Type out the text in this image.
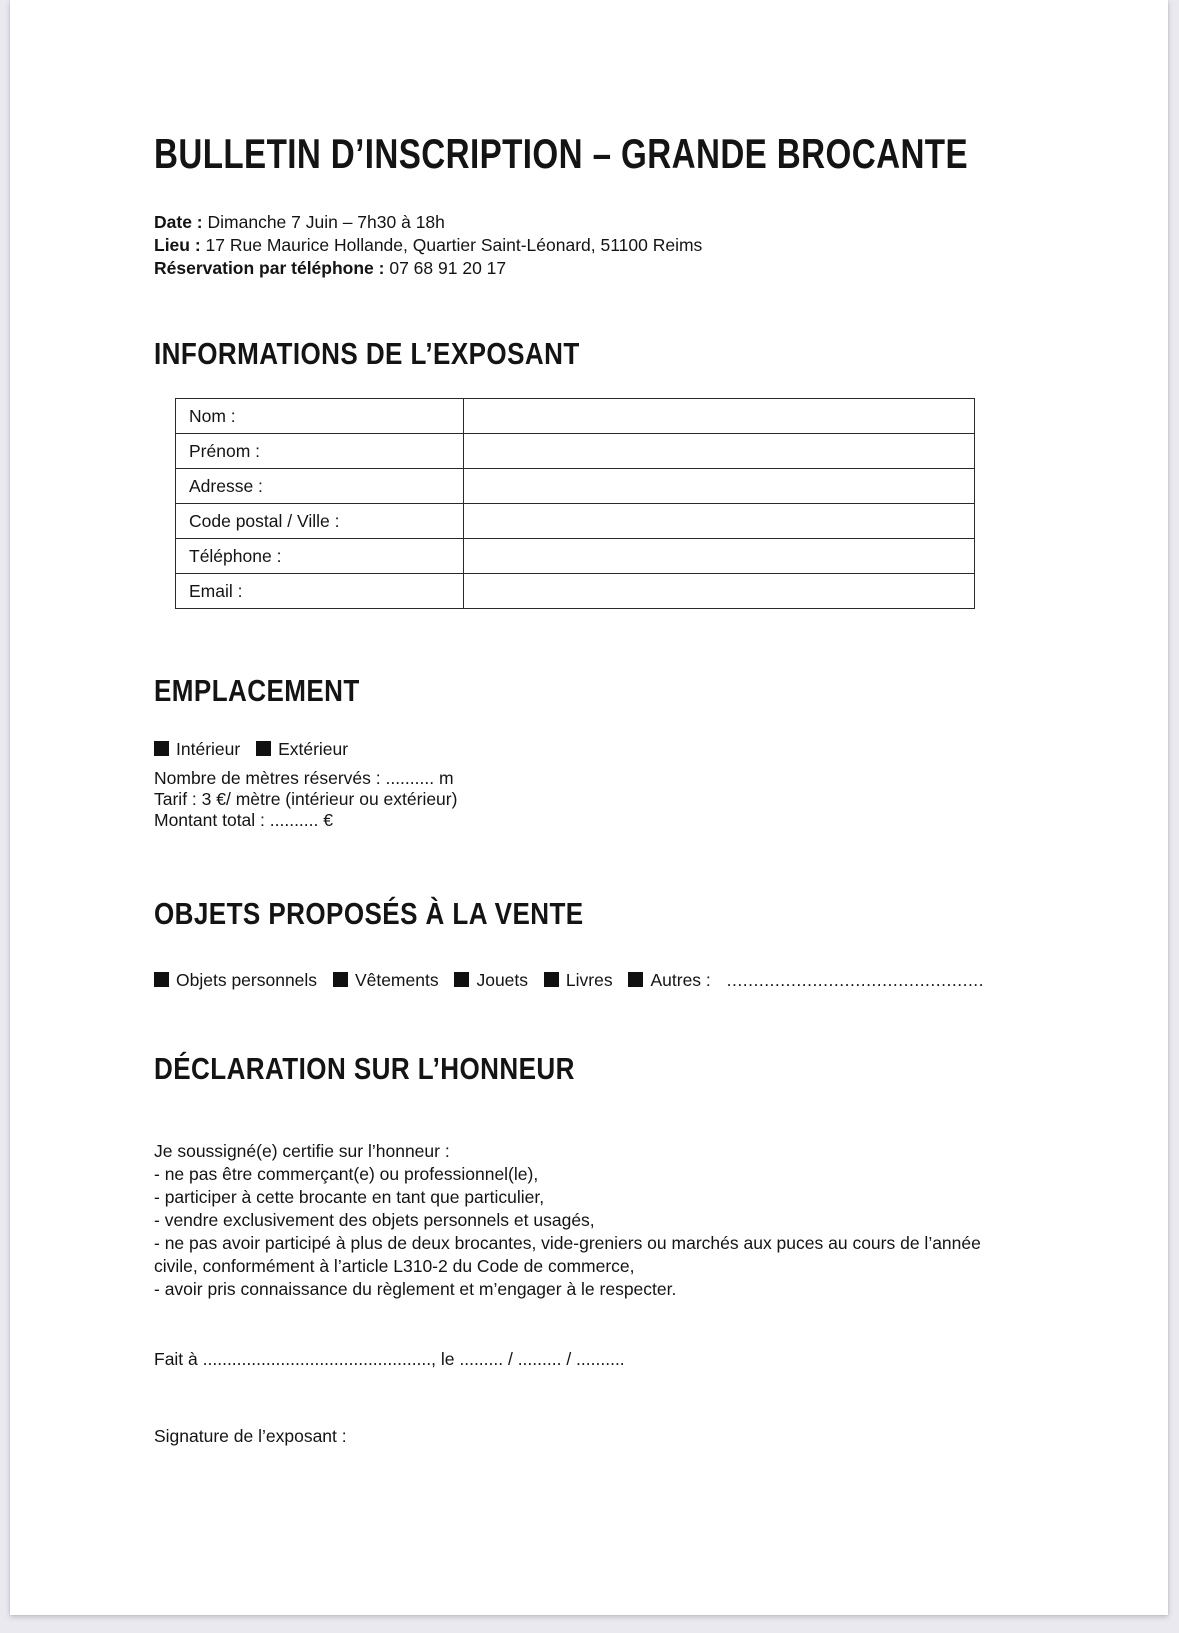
BULLETIN D’INSCRIPTION – GRANDE BROCANTE
Date : Dimanche 7 Juin – 7h30 à 18h
Lieu : 17 Rue Maurice Hollande, Quartier Saint-Léonard, 51100 Reims
Réservation par téléphone : 07 68 91 20 17
INFORMATIONS DE L’EXPOSANT
Nom :	
Prénom :	
Adresse :	
Code postal / Ville :	
Téléphone :	
Email :	
EMPLACEMENT
Intérieur Extérieur
Nombre de mètres réservés : .......... m
Tarif : 3 €/ mètre (intérieur ou extérieur)
Montant total : .......... €
OBJETS PROPOSÉS À LA VENTE
Objets personnels Vêtements Jouets Livres Autres : ................................................
DÉCLARATION SUR L’HONNEUR
Je soussigné(e) certifie sur l’honneur :
- ne pas être commerçant(e) ou professionnel(le),
- participer à cette brocante en tant que particulier,
- vendre exclusivement des objets personnels et usagés,
- ne pas avoir participé à plus de deux brocantes, vide-greniers ou marchés aux puces au cours de l’année civile, conformément à l’article L310-2 du Code de commerce,
- avoir pris connaissance du règlement et m’engager à le respecter.
Fait à ..............................................., le ......... / ......... / ..........
Signature de l’exposant :
